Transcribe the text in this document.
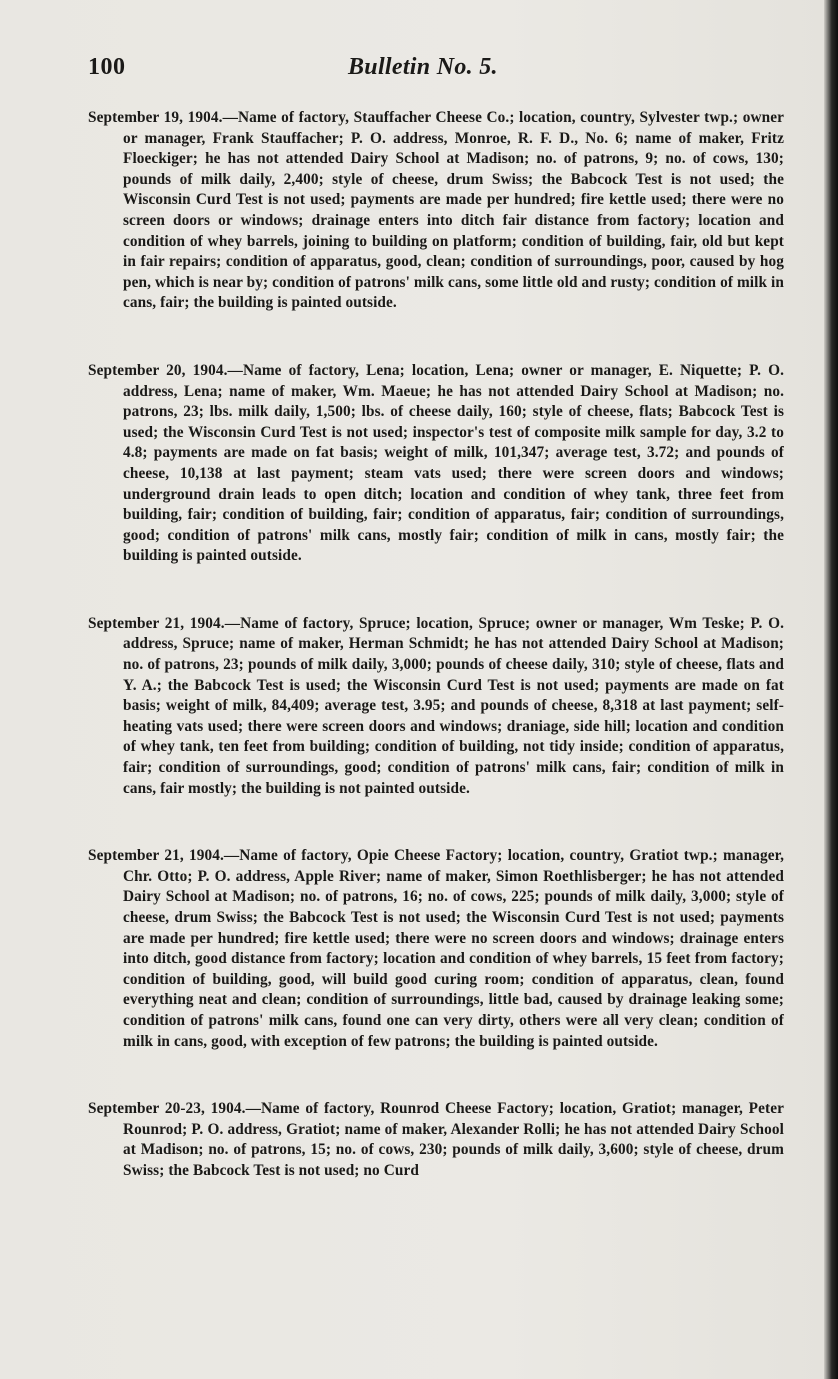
100	Bulletin No. 5.

September 19, 1904.—Name of factory, Stauffacher Cheese Co.; location, country, Sylvester twp.; owner or manager, Frank Stauffacher; P. O. address, Monroe, R. F. D., No. 6; name of maker, Fritz Floeckiger; he has not attended Dairy School at Madison; no. of patrons, 9; no. of cows, 130; pounds of milk daily, 2,400; style of cheese, drum Swiss; the Babcock Test is not used; the Wisconsin Curd Test is not used; payments are made per hundred; fire kettle used; there were no screen doors or windows; drainage enters into ditch fair distance from factory; location and condition of whey barrels, joining to building on platform; condition of building, fair, old but kept in fair repairs; condition of apparatus, good, clean; condition of surroundings, poor, caused by hog pen, which is near by; condition of patrons' milk cans, some little old and rusty; condition of milk in cans, fair; the building is painted outside.

September 20, 1904.—Name of factory, Lena; location, Lena; owner or manager, E. Niquette; P. O. address, Lena; name of maker, Wm. Maeue; he has not attended Dairy School at Madison; no. patrons, 23; lbs. milk daily, 1,500; lbs. of cheese daily, 160; style of cheese, flats; Babcock Test is used; the Wisconsin Curd Test is not used; inspector's test of composite milk sample for day, 3.2 to 4.8; payments are made on fat basis; weight of milk, 101,347; average test, 3.72; and pounds of cheese, 10,138 at last payment; steam vats used; there were screen doors and windows; underground drain leads to open ditch; location and condition of whey tank, three feet from building, fair; condition of building, fair; condition of apparatus, fair; condition of surroundings, good; condition of patrons' milk cans, mostly fair; condition of milk in cans, mostly fair; the building is painted outside.

September 21, 1904.—Name of factory, Spruce; location, Spruce; owner or manager, Wm Teske; P. O. address, Spruce; name of maker, Herman Schmidt; he has not attended Dairy School at Madison; no. of patrons, 23; pounds of milk daily, 3,000; pounds of cheese daily, 310; style of cheese, flats and Y. A.; the Babcock Test is used; the Wisconsin Curd Test is not used; payments are made on fat basis; weight of milk, 84,409; average test, 3.95; and pounds of cheese, 8,318 at last payment; self-heating vats used; there were screen doors and windows; draniage, side hill; location and condition of whey tank, ten feet from building; condition of building, not tidy inside; condition of apparatus, fair; condition of surroundings, good; condition of patrons' milk cans, fair; condition of milk in cans, fair mostly; the building is not painted outside.

September 21, 1904.—Name of factory, Opie Cheese Factory; location, country, Gratiot twp.; manager, Chr. Otto; P. O. address, Apple River; name of maker, Simon Roethlisberger; he has not attended Dairy School at Madison; no. of patrons, 16; no. of cows, 225; pounds of milk daily, 3,000; style of cheese, drum Swiss; the Babcock Test is not used; the Wisconsin Curd Test is not used; payments are made per hundred; fire kettle used; there were no screen doors and windows; drainage enters into ditch, good distance from factory; location and condition of whey barrels, 15 feet from factory; condition of building, good, will build good curing room; condition of apparatus, clean, found everything neat and clean; condition of surroundings, little bad, caused by drainage leaking some; condition of patrons' milk cans, found one can very dirty, others were all very clean; condition of milk in cans, good, with exception of few patrons; the building is painted outside.

September 20-23, 1904.—Name of factory, Rounrod Cheese Factory; location, Gratiot; manager, Peter Rounrod; P. O. address, Gratiot; name of maker, Alexander Rolli; he has not attended Dairy School at Madison; no. of patrons, 15; no. of cows, 230; pounds of milk daily, 3,600; style of cheese, drum Swiss; the Babcock Test is not used; no Curd
